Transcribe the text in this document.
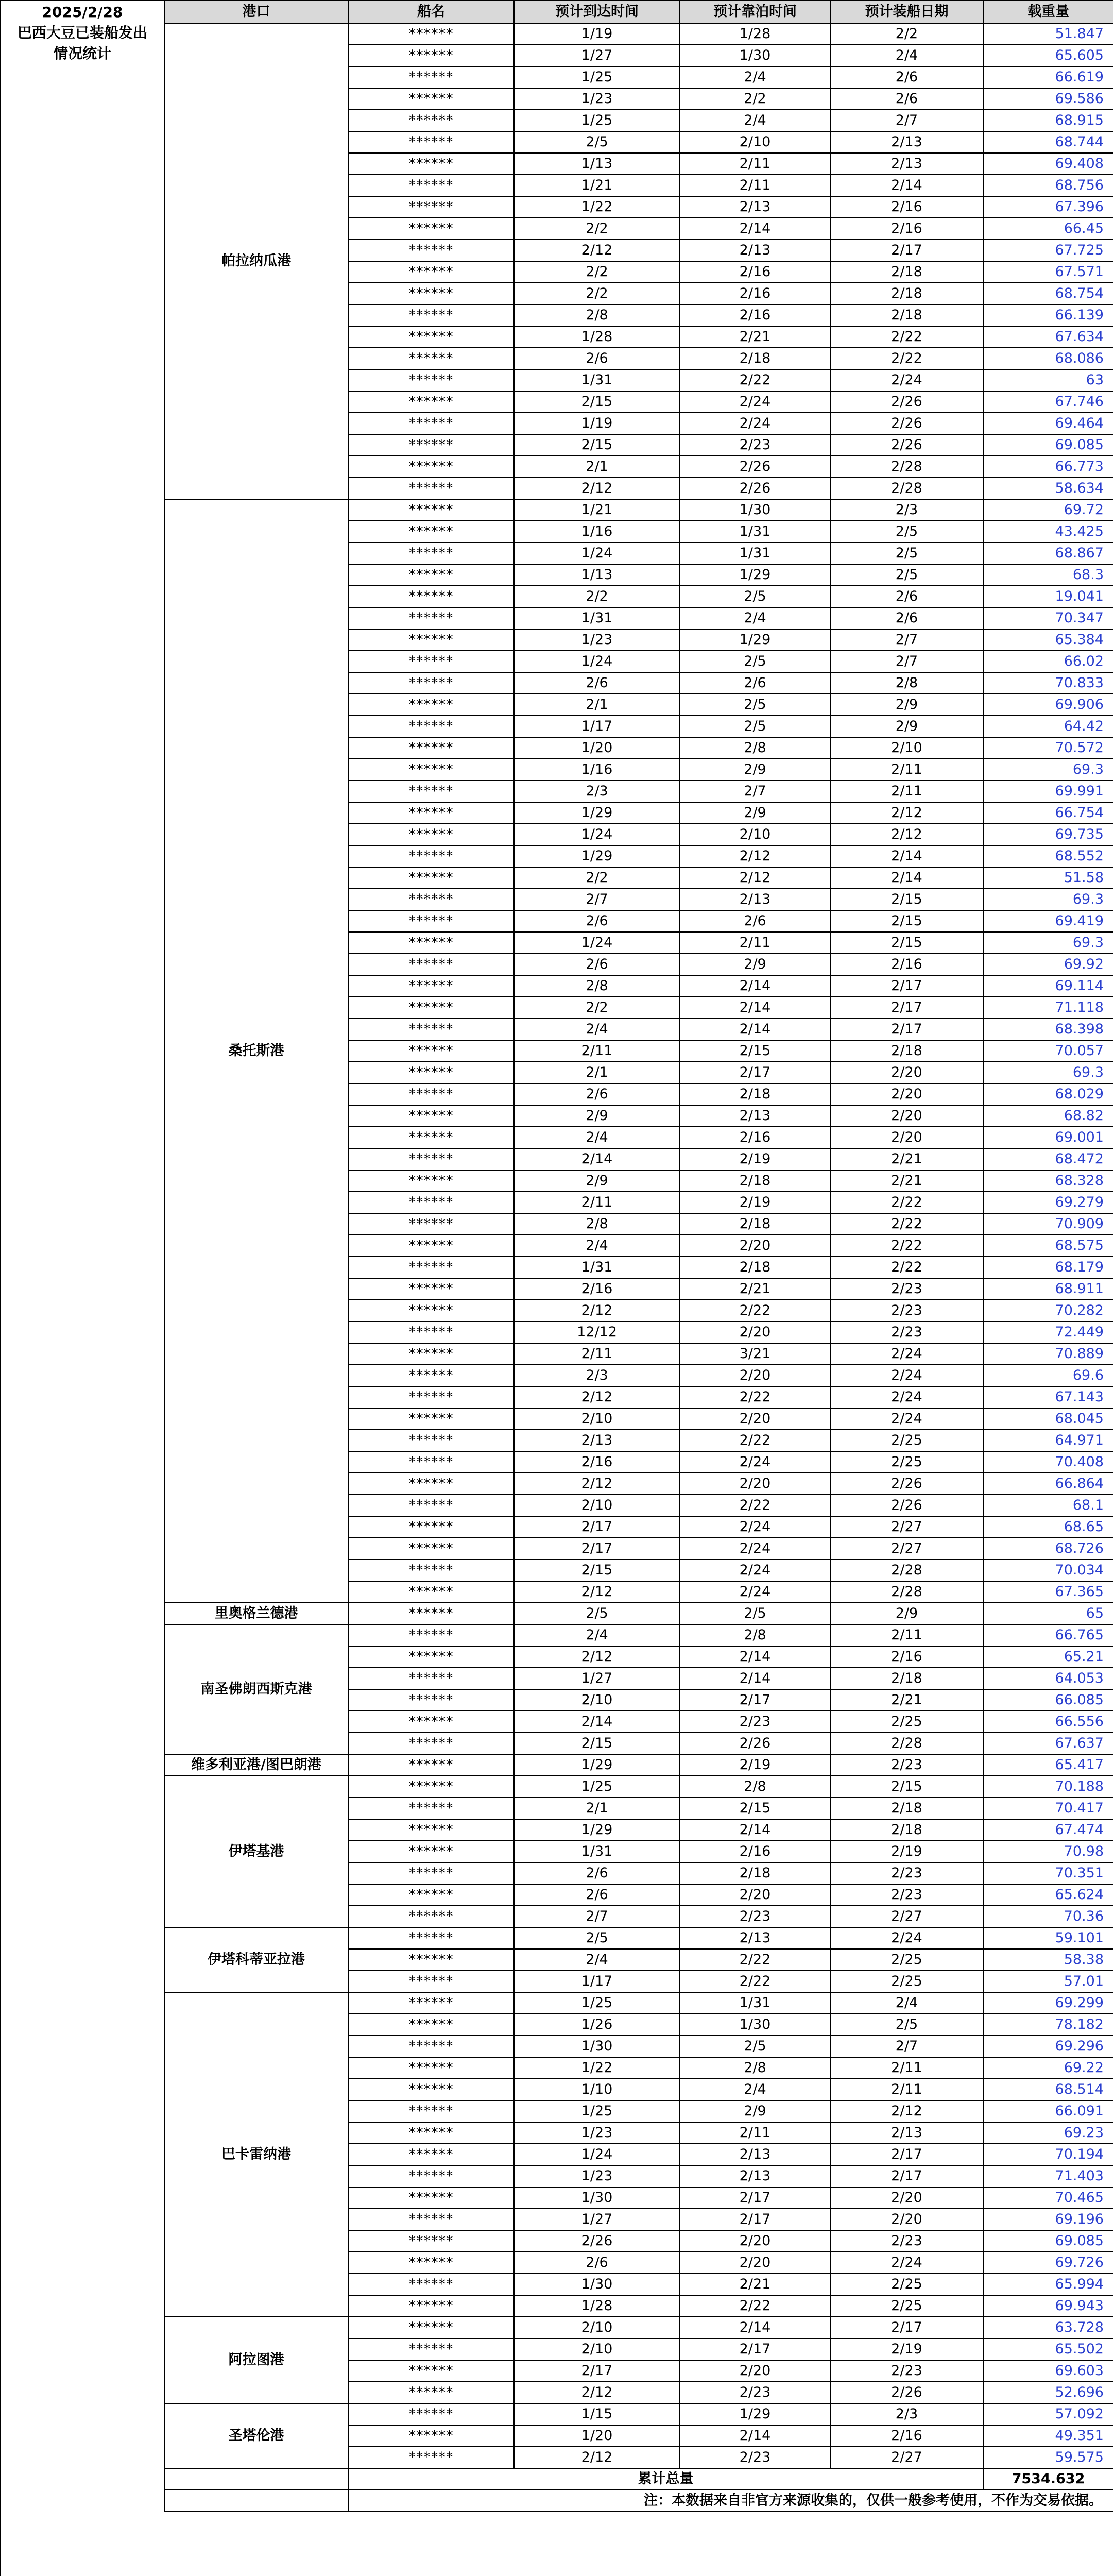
2025/2/28
巴西大豆已装船发出
情况统计
港口	船名	预计到达时间	预计靠泊时间	预计装船日期	载重量
帕拉纳瓜港	******	1/19	1/28	2/2	51.847
	******	1/27	1/30	2/4	65.605
	******	1/25	2/4	2/6	66.619
	******	1/23	2/2	2/6	69.586
	******	1/25	2/4	2/7	68.915
	******	2/5	2/10	2/13	68.744
	******	1/13	2/11	2/13	69.408
	******	1/21	2/11	2/14	68.756
	******	1/22	2/13	2/16	67.396
	******	2/2	2/14	2/16	66.45
	******	2/12	2/13	2/17	67.725
	******	2/2	2/16	2/18	67.571
	******	2/2	2/16	2/18	68.754
	******	2/8	2/16	2/18	66.139
	******	1/28	2/21	2/22	67.634
	******	2/6	2/18	2/22	68.086
	******	1/31	2/22	2/24	63
	******	2/15	2/24	2/26	67.746
	******	1/19	2/24	2/26	69.464
	******	2/15	2/23	2/26	69.085
	******	2/1	2/26	2/28	66.773
	******	2/12	2/26	2/28	58.634
桑托斯港	******	1/21	1/30	2/3	69.72
	******	1/16	1/31	2/5	43.425
	******	1/24	1/31	2/5	68.867
	******	1/13	1/29	2/5	68.3
	******	2/2	2/5	2/6	19.041
	******	1/31	2/4	2/6	70.347
	******	1/23	1/29	2/7	65.384
	******	1/24	2/5	2/7	66.02
	******	2/6	2/6	2/8	70.833
	******	2/1	2/5	2/9	69.906
	******	1/17	2/5	2/9	64.42
	******	1/20	2/8	2/10	70.572
	******	1/16	2/9	2/11	69.3
	******	2/3	2/7	2/11	69.991
	******	1/29	2/9	2/12	66.754
	******	1/24	2/10	2/12	69.735
	******	1/29	2/12	2/14	68.552
	******	2/2	2/12	2/14	51.58
	******	2/7	2/13	2/15	69.3
	******	2/6	2/6	2/15	69.419
	******	1/24	2/11	2/15	69.3
	******	2/6	2/9	2/16	69.92
	******	2/8	2/14	2/17	69.114
	******	2/2	2/14	2/17	71.118
	******	2/4	2/14	2/17	68.398
	******	2/11	2/15	2/18	70.057
	******	2/1	2/17	2/20	69.3
	******	2/6	2/18	2/20	68.029
	******	2/9	2/13	2/20	68.82
	******	2/4	2/16	2/20	69.001
	******	2/14	2/19	2/21	68.472
	******	2/9	2/18	2/21	68.328
	******	2/11	2/19	2/22	69.279
	******	2/8	2/18	2/22	70.909
	******	2/4	2/20	2/22	68.575
	******	1/31	2/18	2/22	68.179
	******	2/16	2/21	2/23	68.911
	******	2/12	2/22	2/23	70.282
	******	12/12	2/20	2/23	72.449
	******	2/11	3/21	2/24	70.889
	******	2/3	2/20	2/24	69.6
	******	2/12	2/22	2/24	67.143
	******	2/10	2/20	2/24	68.045
	******	2/13	2/22	2/25	64.971
	******	2/16	2/24	2/25	70.408
	******	2/12	2/20	2/26	66.864
	******	2/10	2/22	2/26	68.1
	******	2/17	2/24	2/27	68.65
	******	2/17	2/24	2/27	68.726
	******	2/15	2/24	2/28	70.034
	******	2/12	2/24	2/28	67.365
里奥格兰德港	******	2/5	2/5	2/9	65
南圣佛朗西斯克港	******	2/4	2/8	2/11	66.765
	******	2/12	2/14	2/16	65.21
	******	1/27	2/14	2/18	64.053
	******	2/10	2/17	2/21	66.085
	******	2/14	2/23	2/25	66.556
	******	2/15	2/26	2/28	67.637
维多利亚港/图巴朗港	******	1/29	2/19	2/23	65.417
伊塔基港	******	1/25	2/8	2/15	70.188
	******	2/1	2/15	2/18	70.417
	******	1/29	2/14	2/18	67.474
	******	1/31	2/16	2/19	70.98
	******	2/6	2/18	2/23	70.351
	******	2/6	2/20	2/23	65.624
	******	2/7	2/23	2/27	70.36
伊塔科蒂亚拉港	******	2/5	2/13	2/24	59.101
	******	2/4	2/22	2/25	58.38
	******	1/17	2/22	2/25	57.01
巴卡雷纳港	******	1/25	1/31	2/4	69.299
	******	1/26	1/30	2/5	78.182
	******	1/30	2/5	2/7	69.296
	******	1/22	2/8	2/11	69.22
	******	1/10	2/4	2/11	68.514
	******	1/25	2/9	2/12	66.091
	******	1/23	2/11	2/13	69.23
	******	1/24	2/13	2/17	70.194
	******	1/23	2/13	2/17	71.403
	******	1/30	2/17	2/20	70.465
	******	1/27	2/17	2/20	69.196
	******	2/26	2/20	2/23	69.085
	******	2/6	2/20	2/24	69.726
	******	1/30	2/21	2/25	65.994
	******	1/28	2/22	2/25	69.943
阿拉图港	******	2/10	2/14	2/17	63.728
	******	2/10	2/17	2/19	65.502
	******	2/17	2/20	2/23	69.603
	******	2/12	2/23	2/26	52.696
圣塔伦港	******	1/15	1/29	2/3	57.092
	******	1/20	2/14	2/16	49.351
	******	2/12	2/23	2/27	59.575
	累计总量				7534.632
	注：本数据来自非官方来源收集的，仅供一般参考使用，不作为交易依据。				
